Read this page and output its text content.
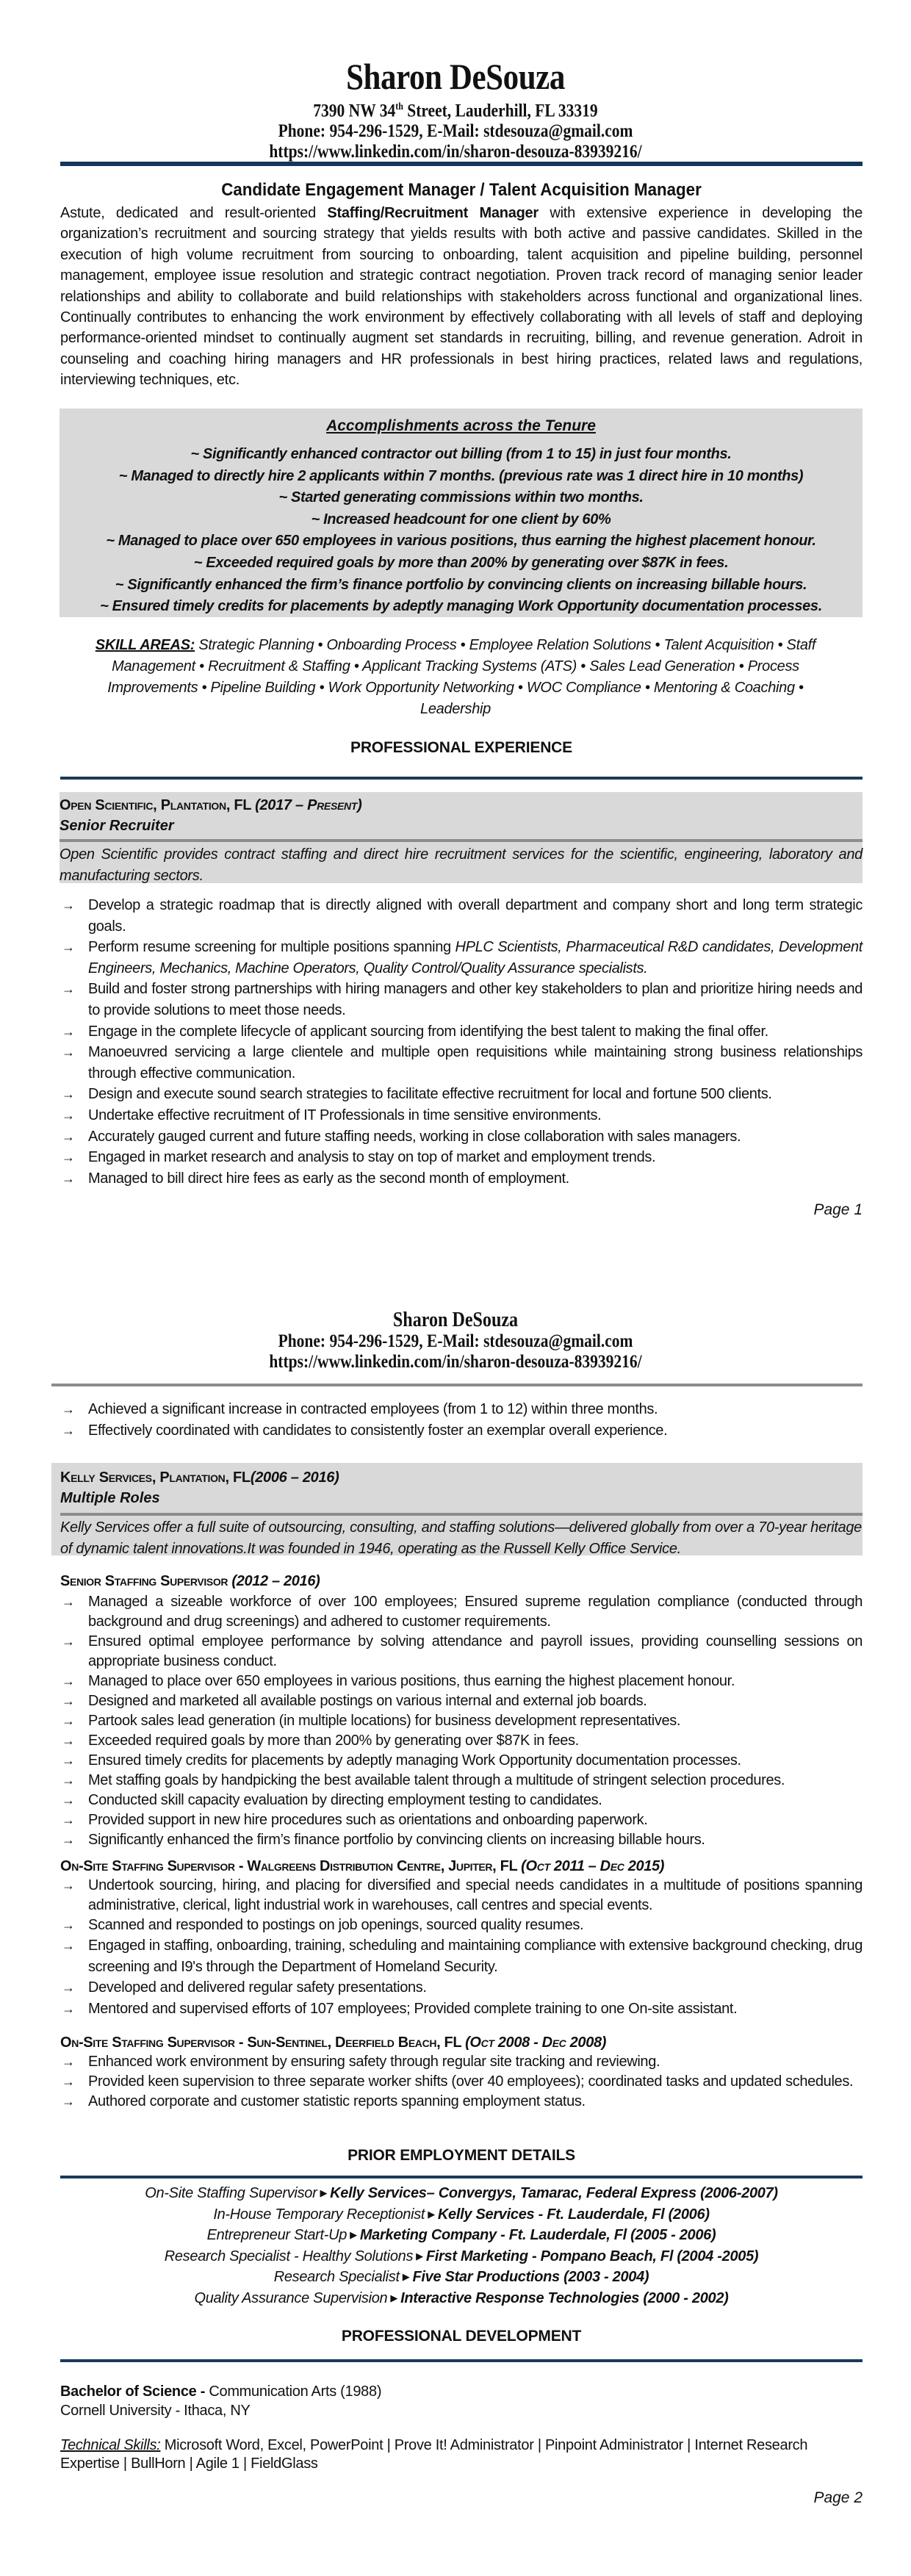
Sharon DeSouza
7390 NW 34th Street, Lauderhill, FL 33319
Phone: 954-296-1529, E-Mail: stdesouza@gmail.com
https://www.linkedin.com/in/sharon-desouza-83939216/
Candidate Engagement Manager / Talent Acquisition Manager
Astute, dedicated and result-oriented Staffing/Recruitment Manager with extensive experience in developing the organization’s recruitment and sourcing strategy that yields results with both active and passive candidates. Skilled in the execution of high volume recruitment from sourcing to onboarding, talent acquisition and pipeline building, personnel management, employee issue resolution and strategic contract negotiation. Proven track record of managing senior leader relationships and ability to collaborate and build relationships with stakeholders across functional and organizational lines. Continually contributes to enhancing the work environment by effectively collaborating with all levels of staff and deploying performance-oriented mindset to continually augment set standards in recruiting, billing, and revenue generation. Adroit in counseling and coaching hiring managers and HR professionals in best hiring practices, related laws and regulations, interviewing techniques, etc.
Accomplishments across the Tenure
~ Significantly enhanced contractor out billing (from 1 to 15) in just four months.
~ Managed to directly hire 2 applicants within 7 months. (previous rate was 1 direct hire in 10 months)
~ Started generating commissions within two months.
~ Increased headcount for one client by 60%
~ Managed to place over 650 employees in various positions, thus earning the highest placement honour.
~ Exceeded required goals by more than 200% by generating over $87K in fees.
~ Significantly enhanced the firm’s finance portfolio by convincing clients on increasing billable hours.
~ Ensured timely credits for placements by adeptly managing Work Opportunity documentation processes.
SKILL AREAS: Strategic Planning • Onboarding Process • Employee Relation Solutions • Talent Acquisition • Staff Management • Recruitment & Staffing • Applicant Tracking Systems (ATS) • Sales Lead Generation • Process Improvements • Pipeline Building • Work Opportunity Networking • WOC Compliance • Mentoring & Coaching • Leadership
PROFESSIONAL EXPERIENCE
Open Scientific, Plantation, FL (2017 – Present)
Senior Recruiter
Open Scientific provides contract staffing and direct hire recruitment services for the scientific, engineering, laboratory and manufacturing sectors.
→ Develop a strategic roadmap that is directly aligned with overall department and company short and long term strategic goals.
→ Perform resume screening for multiple positions spanning HPLC Scientists, Pharmaceutical R&D candidates, Development Engineers, Mechanics, Machine Operators, Quality Control/Quality Assurance specialists.
→ Build and foster strong partnerships with hiring managers and other key stakeholders to plan and prioritize hiring needs and to provide solutions to meet those needs.
→ Engage in the complete lifecycle of applicant sourcing from identifying the best talent to making the final offer.
→ Manoeuvred servicing a large clientele and multiple open requisitions while maintaining strong business relationships through effective communication.
→ Design and execute sound search strategies to facilitate effective recruitment for local and fortune 500 clients.
→ Undertake effective recruitment of IT Professionals in time sensitive environments.
→ Accurately gauged current and future staffing needs, working in close collaboration with sales managers.
→ Engaged in market research and analysis to stay on top of market and employment trends.
→ Managed to bill direct hire fees as early as the second month of employment.
Page 1
Sharon DeSouza
Phone: 954-296-1529, E-Mail: stdesouza@gmail.com
https://www.linkedin.com/in/sharon-desouza-83939216/
→ Achieved a significant increase in contracted employees (from 1 to 12) within three months.
→ Effectively coordinated with candidates to consistently foster an exemplar overall experience.
Kelly Services, Plantation, FL(2006 – 2016)
Multiple Roles
Kelly Services offer a full suite of outsourcing, consulting, and staffing solutions—delivered globally from over a 70-year heritage of dynamic talent innovations.It was founded in 1946, operating as the Russell Kelly Office Service.
Senior Staffing Supervisor (2012 – 2016)
→ Managed a sizeable workforce of over 100 employees; Ensured supreme regulation compliance (conducted through background and drug screenings) and adhered to customer requirements.
→ Ensured optimal employee performance by solving attendance and payroll issues, providing counselling sessions on appropriate business conduct.
→ Managed to place over 650 employees in various positions, thus earning the highest placement honour.
→ Designed and marketed all available postings on various internal and external job boards.
→ Partook sales lead generation (in multiple locations) for business development representatives.
→ Exceeded required goals by more than 200% by generating over $87K in fees.
→ Ensured timely credits for placements by adeptly managing Work Opportunity documentation processes.
→ Met staffing goals by handpicking the best available talent through a multitude of stringent selection procedures.
→ Conducted skill capacity evaluation by directing employment testing to candidates.
→ Provided support in new hire procedures such as orientations and onboarding paperwork.
→ Significantly enhanced the firm’s finance portfolio by convincing clients on increasing billable hours.
On-Site Staffing Supervisor - Walgreens Distribution Centre, Jupiter, FL (Oct 2011 – Dec 2015)
→ Undertook sourcing, hiring, and placing for diversified and special needs candidates in a multitude of positions spanning administrative, clerical, light industrial work in warehouses, call centres and special events.
→ Scanned and responded to postings on job openings, sourced quality resumes.
→ Engaged in staffing, onboarding, training, scheduling and maintaining compliance with extensive background checking, drug screening and I9's through the Department of Homeland Security.
→ Developed and delivered regular safety presentations.
→ Mentored and supervised efforts of 107 employees; Provided complete training to one On-site assistant.
On-Site Staffing Supervisor - Sun-Sentinel, Deerfield Beach, FL (Oct 2008 - Dec 2008)
→ Enhanced work environment by ensuring safety through regular site tracking and reviewing.
→ Provided keen supervision to three separate worker shifts (over 40 employees); coordinated tasks and updated schedules.
→ Authored corporate and customer statistic reports spanning employment status.
PRIOR EMPLOYMENT DETAILS
On-Site Staffing Supervisor ▶ Kelly Services– Convergys, Tamarac, Federal Express (2006-2007)
In-House Temporary Receptionist ▶ Kelly Services - Ft. Lauderdale, Fl (2006)
Entrepreneur Start-Up ▶ Marketing Company - Ft. Lauderdale, Fl (2005 - 2006)
Research Specialist - Healthy Solutions ▶ First Marketing - Pompano Beach, Fl (2004 -2005)
Research Specialist ▶ Five Star Productions (2003 - 2004)
Quality Assurance Supervision ▶ Interactive Response Technologies (2000 - 2002)
PROFESSIONAL DEVELOPMENT
Bachelor of Science - Communication Arts (1988)
Cornell University - Ithaca, NY
Technical Skills: Microsoft Word, Excel, PowerPoint | Prove It! Administrator | Pinpoint Administrator | Internet Research Expertise | BullHorn | Agile 1 | FieldGlass
Page 2
